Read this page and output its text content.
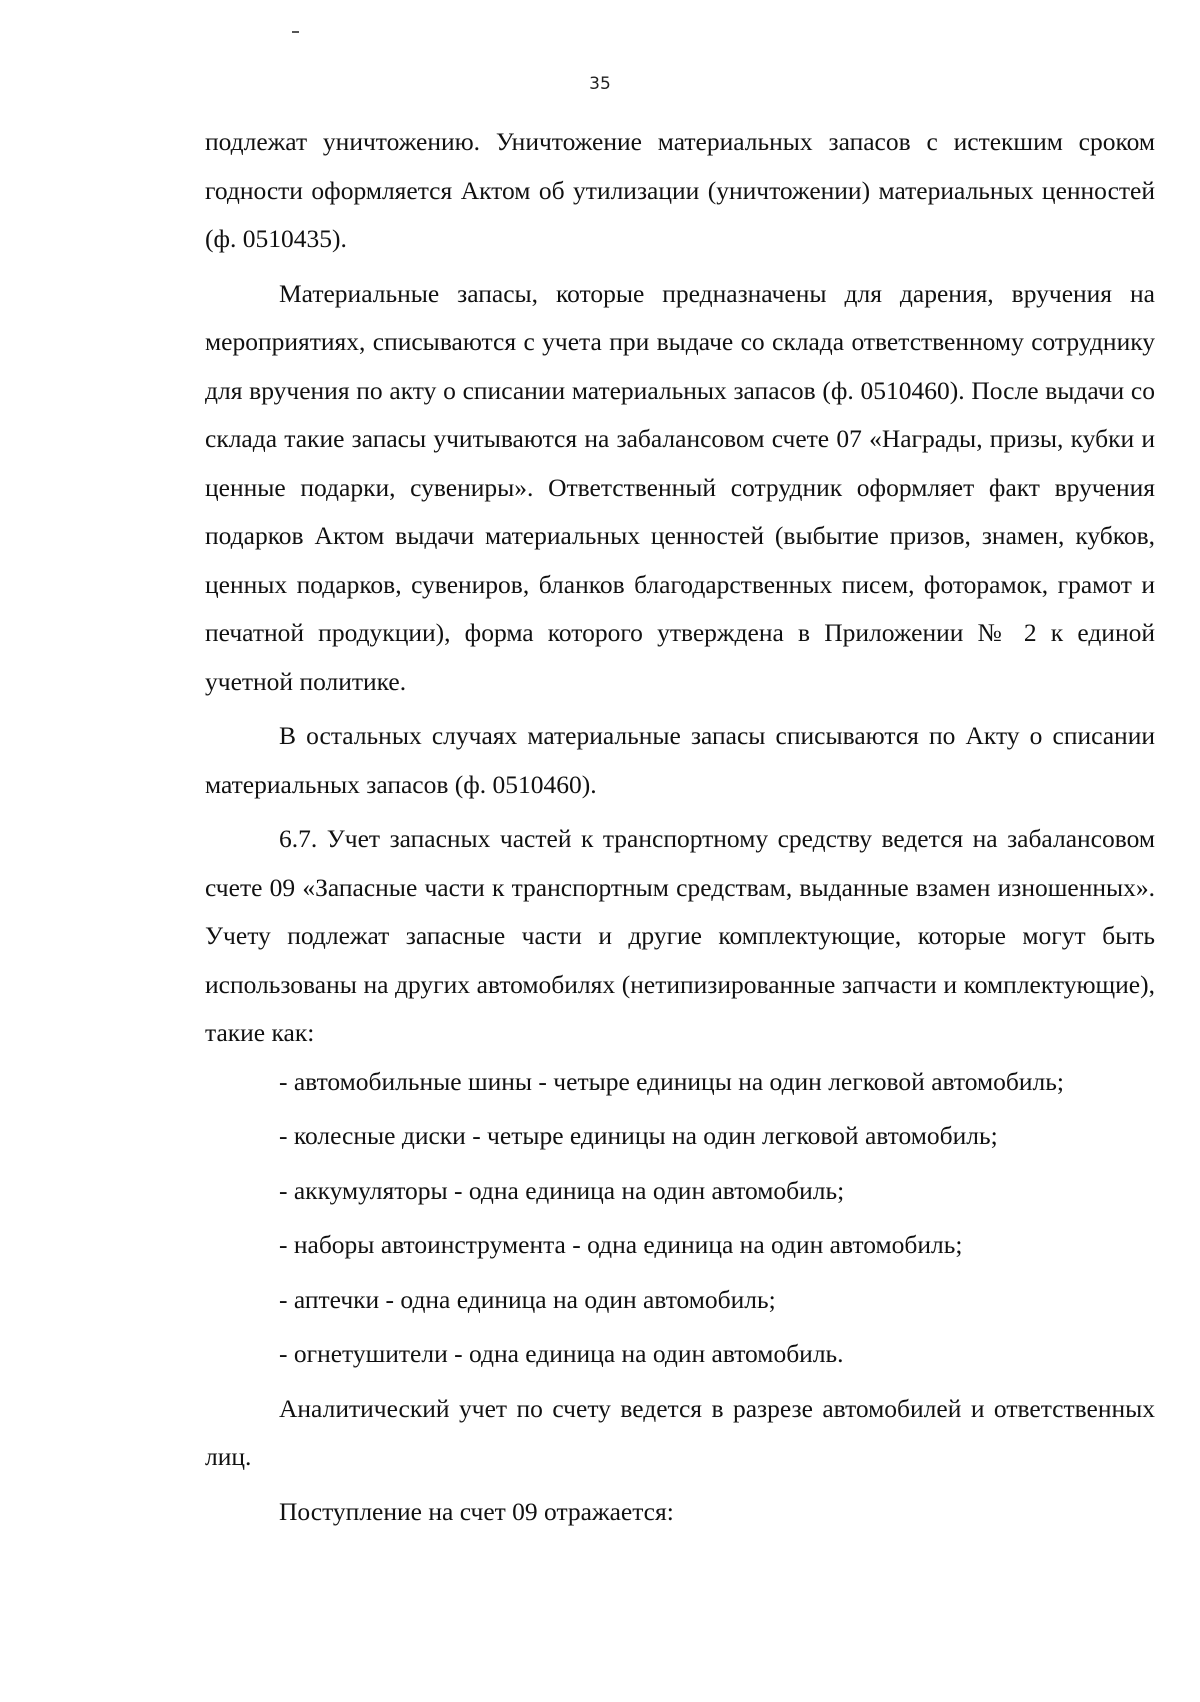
35

подлежат уничтожению. Уничтожение материальных запасов с истекшим сроком годности оформляется Актом об утилизации (уничтожении) материальных ценностей (ф. 0510435).

Материальные запасы, которые предназначены для дарения, вручения на мероприятиях, списываются с учета при выдаче со склада ответственному сотруднику для вручения по акту о списании материальных запасов (ф. 0510460). После выдачи со склада такие запасы учитываются на забалансовом счете 07 «Награды, призы, кубки и ценные подарки, сувениры». Ответственный сотрудник оформляет факт вручения подарков Актом выдачи материальных ценностей (выбытие призов, знамен, кубков, ценных подарков, сувениров, бланков благодарственных писем, фоторамок, грамот и печатной продукции), форма которого утверждена в Приложении № 2 к единой учетной политике.

В остальных случаях материальные запасы списываются по Акту о списании материальных запасов (ф. 0510460).

6.7. Учет запасных частей к транспортному средству ведется на забалансовом счете 09 «Запасные части к транспортным средствам, выданные взамен изношенных». Учету подлежат запасные части и другие комплектующие, которые могут быть использованы на других автомобилях (нетипизированные запчасти и комплектующие), такие как:

- автомобильные шины - четыре единицы на один легковой автомобиль;

- колесные диски - четыре единицы на один легковой автомобиль;

- аккумуляторы - одна единица на один автомобиль;

- наборы автоинструмента - одна единица на один автомобиль;

- аптечки - одна единица на один автомобиль;

- огнетушители - одна единица на один автомобиль.

Аналитический учет по счету ведется в разрезе автомобилей и ответственных лиц.

Поступление на счет 09 отражается:
